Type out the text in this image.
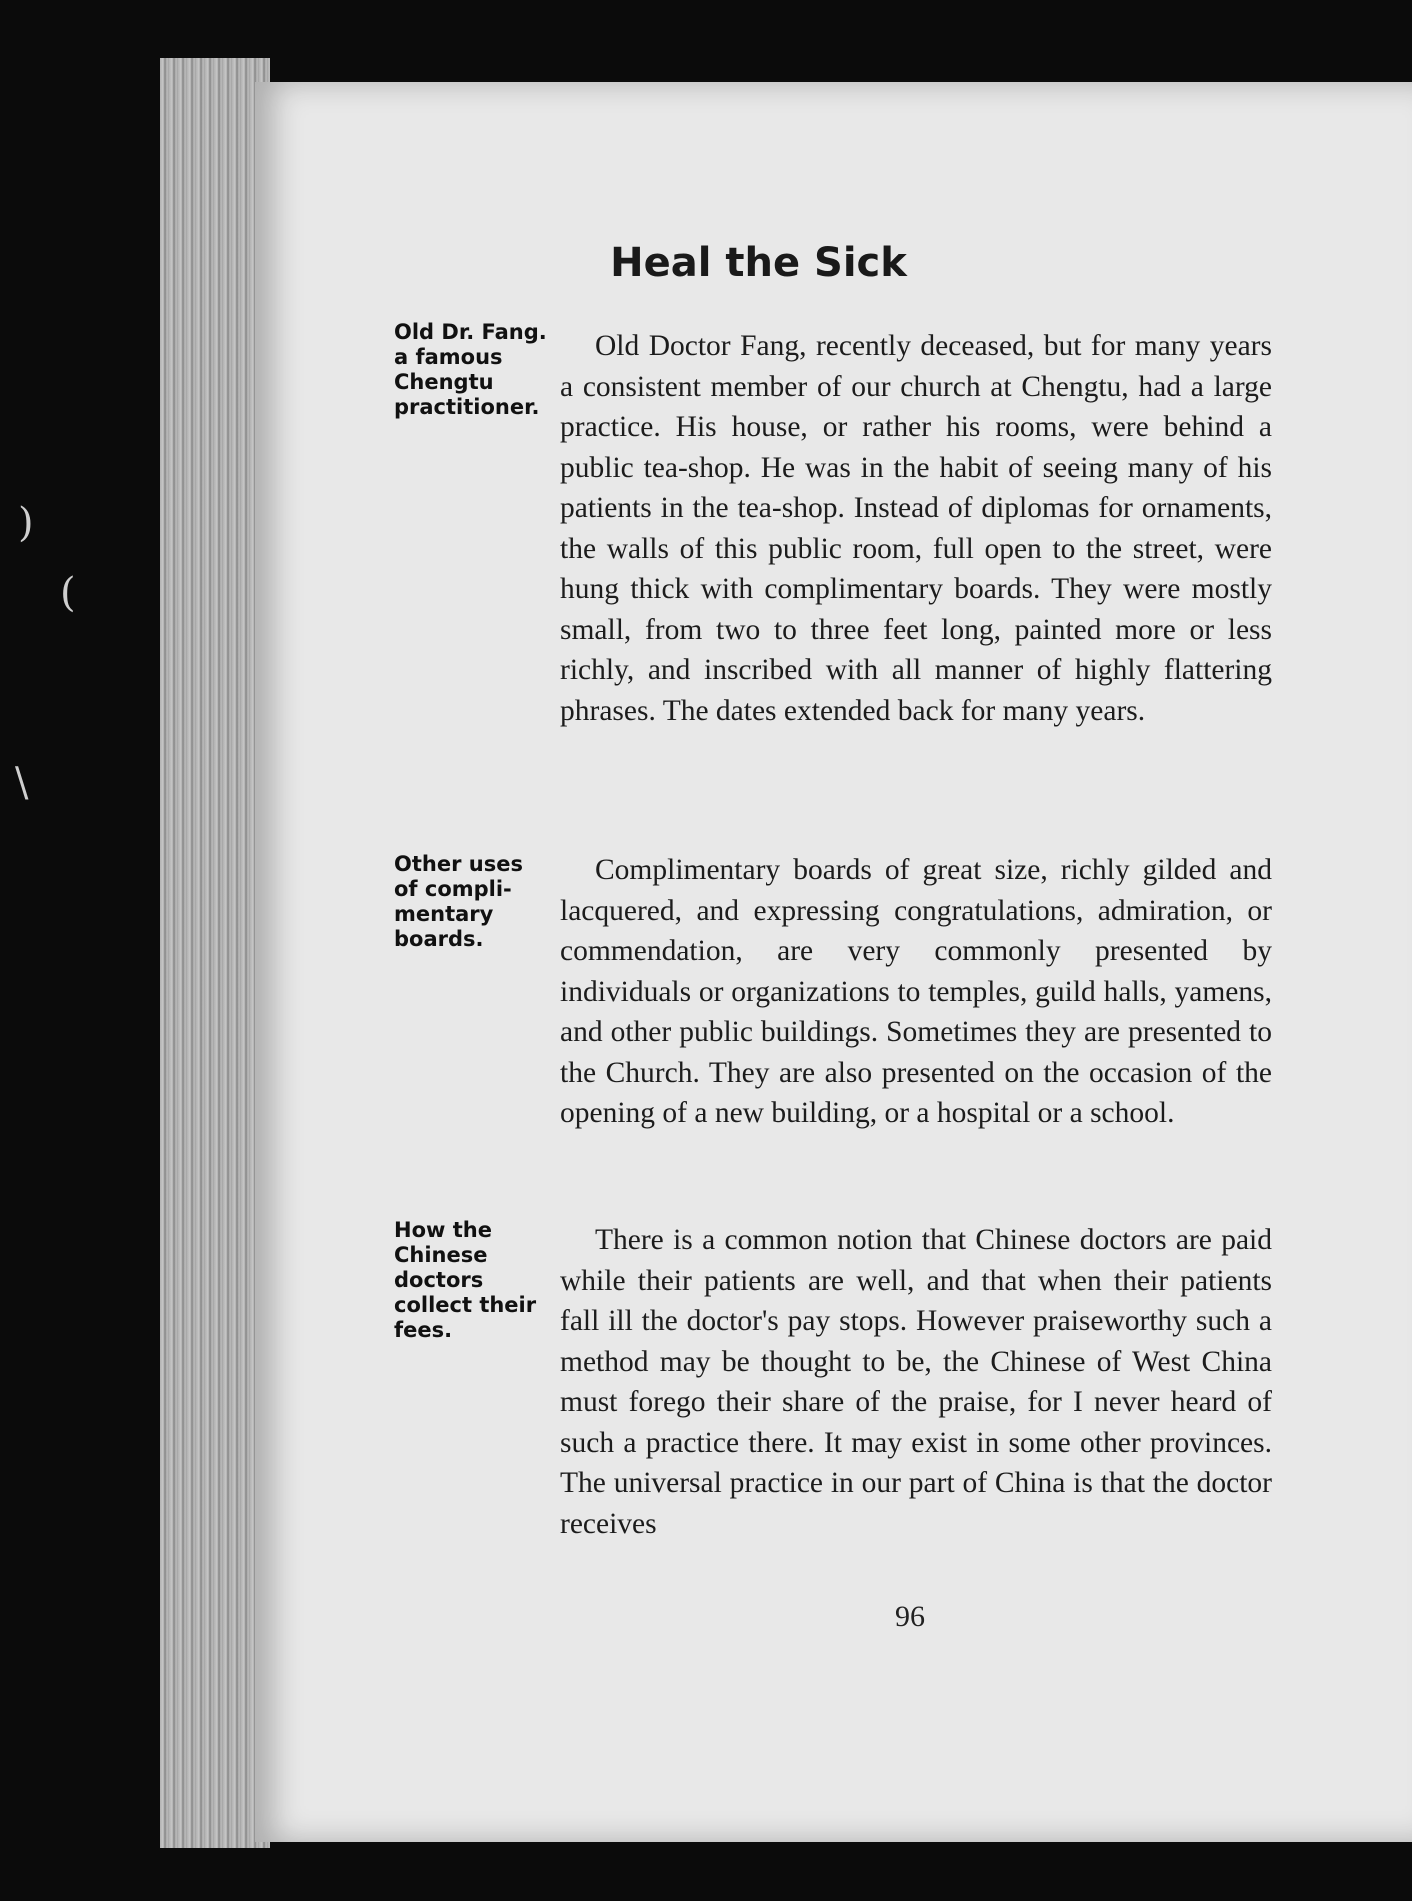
)
(
\
Heal the Sick
Old Dr. Fang.
a famous
Chengtu
practitioner.
Other uses
of compli-
mentary
boards.
How the
Chinese
doctors
collect their
fees.

Old Doctor Fang, recently deceased, but for many years a consistent member of our church at Chengtu, had a large practice. His house, or rather his rooms, were behind a public tea-shop. He was in the habit of seeing many of his patients in the tea-shop. Instead of diplomas for ornaments, the walls of this public room, full open to the street, were hung thick with complimentary boards. They were mostly small, from two to three feet long, painted more or less richly, and inscribed with all manner of highly flattering phrases. The dates extended back for many years.

Complimentary boards of great size, richly gilded and lacquered, and expressing congratulations, admiration, or commendation, are very commonly presented by individuals or organizations to temples, guild halls, yamens, and other public buildings. Sometimes they are presented to the Church. They are also presented on the occasion of the opening of a new building, or a hospital or a school.

There is a common notion that Chinese doctors are paid while their patients are well, and that when their patients fall ill the doctor's pay stops. However praiseworthy such a method may be thought to be, the Chinese of West China must forego their share of the praise, for I never heard of such a practice there. It may exist in some other provinces. The universal practice in our part of China is that the doctor receives

96
